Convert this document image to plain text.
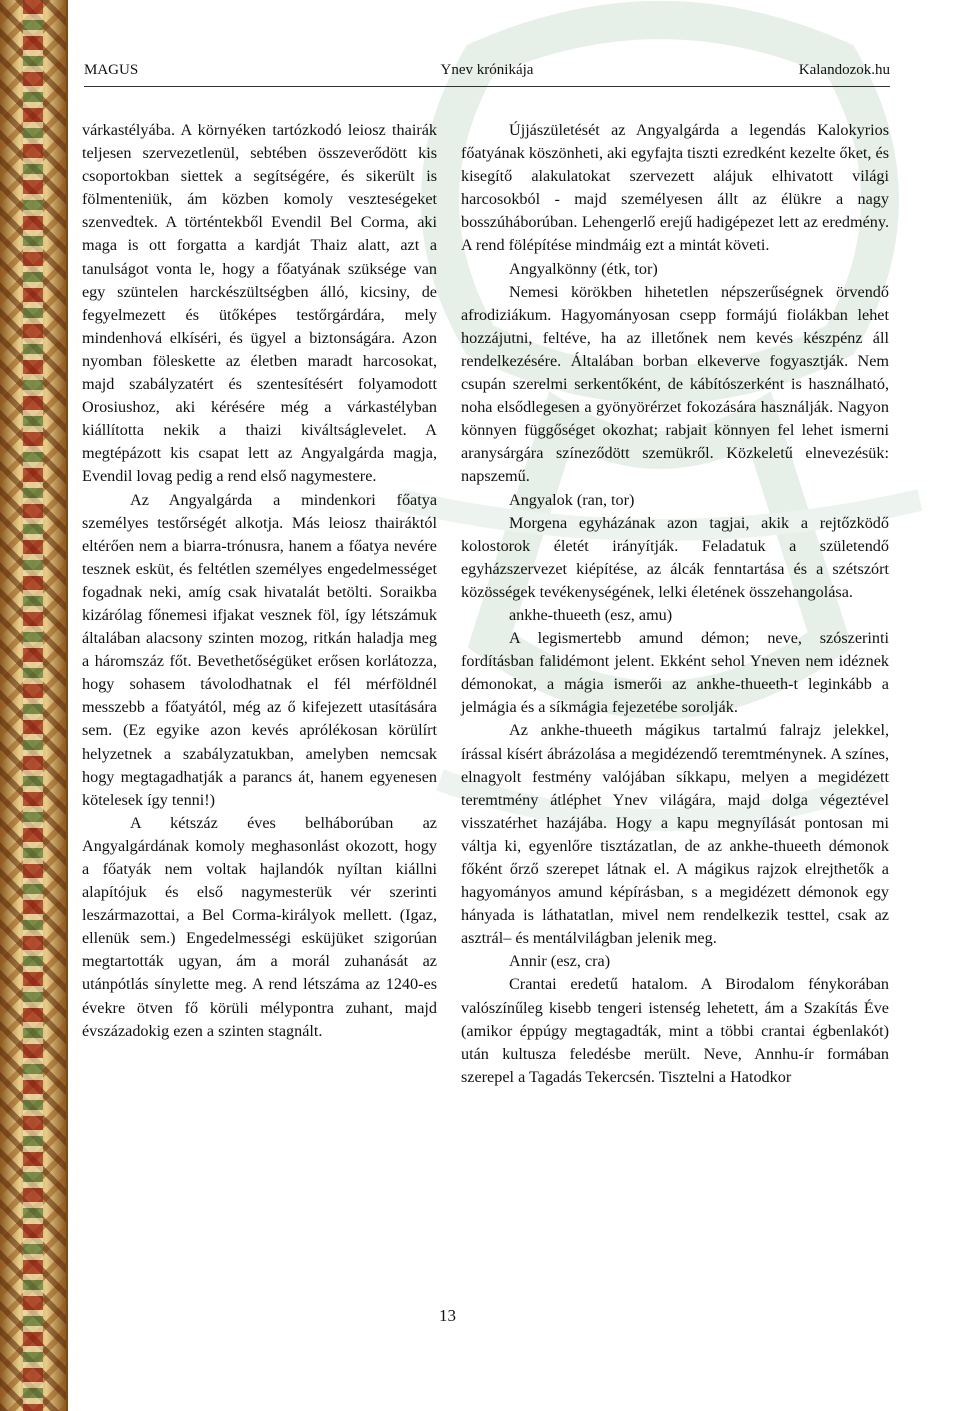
MAGUS	Ynev krónikája	Kalandozok.hu

várkastélyába. A környéken tartózkodó leiosz thairák teljesen szervezetlenül, sebtében összeverődött kis csoportokban siettek a segítségére, és sikerült is fölmenteniük, ám közben komoly veszteségeket szenvedtek. A történtekből Evendil Bel Corma, aki maga is ott forgatta a kardját Thaiz alatt, azt a tanulságot vonta le, hogy a főatyának szüksége van egy szüntelen harckészültségben álló, kicsiny, de fegyelmezett és ütőképes testőrgárdára, mely mindenhová elkíséri, és ügyel a biztonságára. Azon nyomban föleskette az életben maradt harcosokat, majd szabályzatért és szentesítésért folyamodott Orosiushoz, aki kérésére még a várkastélyban kiállította nekik a thaizi kiváltságlevelet. A megtépázott kis csapat lett az Angyalgárda magja, Evendil lovag pedig a rend első nagymestere.

Az Angyalgárda a mindenkori főatya személyes testőrségét alkotja. Más leiosz thairáktól eltérően nem a biarra-trónusra, hanem a főatya nevére tesznek esküt, és feltétlen személyes engedelmességet fogadnak neki, amíg csak hivatalát betölti. Soraikba kizárólag főnemesi ifjakat vesznek föl, így létszámuk általában alacsony szinten mozog, ritkán haladja meg a háromszáz főt. Bevethetőségüket erősen korlátozza, hogy sohasem távolodhatnak el fél mérföldnél messzebb a főatyától, még az ő kifejezett utasítására sem. (Ez egyike azon kevés aprólékosan körülírt helyzetnek a szabályzatukban, amelyben nemcsak hogy megtagadhatják a parancs át, hanem egyenesen kötelesek így tenni!)

A kétszáz éves belháborúban az Angyalgárdának komoly meghasonlást okozott, hogy a főatyák nem voltak hajlandók nyíltan kiállni alapítójuk és első nagymesterük vér szerinti leszármazottai, a Bel Corma-királyok mellett. (Igaz, ellenük sem.) Engedelmességi esküjüket szigorúan megtartották ugyan, ám a morál zuhanását az utánpótlás sínylette meg. A rend létszáma az 1240-es évekre ötven fő körüli mélypontra zuhant, majd évszázadokig ezen a szinten stagnált.

Újjászületését az Angyalgárda a legendás Kalokyrios főatyának köszönheti, aki egyfajta tiszti ezredként kezelte őket, és kisegítő alakulatokat szervezett alájuk elhivatott világi harcosokból - majd személyesen állt az élükre a nagy bosszúháborúban. Lehengerlő erejű hadigépezet lett az eredmény. A rend fölépítése mindmáig ezt a mintát követi.

Angyalkönny (étk, tor)

Nemesi körökben hihetetlen népszerűségnek örvendő afrodiziákum. Hagyományosan csepp formájú fiolákban lehet hozzájutni, feltéve, ha az illetőnek nem kevés készpénz áll rendelkezésére. Általában borban elkeverve fogyasztják. Nem csupán szerelmi serkentőként, de kábítószerként is használható, noha elsődlegesen a gyönyörérzet fokozására használják. Nagyon könnyen függőséget okozhat; rabjait könnyen fel lehet ismerni aranysárgára színeződött szemükről. Közkeletű elnevezésük: napszemű.

Angyalok (ran, tor)

Morgena egyházának azon tagjai, akik a rejtőzködő kolostorok életét irányítják. Feladatuk a születendő egyházszervezet kiépítése, az álcák fenntartása és a szétszórt közösségek tevékenységének, lelki életének összehangolása.

ankhe-thueeth (esz, amu)

A legismertebb amund démon; neve, szószerinti fordításban falidémont jelent. Ekként sehol Yneven nem idéznek démonokat, a mágia ismerői az ankhe-thueeth-t leginkább a jelmágia és a síkmágia fejezetébe sorolják.

Az ankhe-thueeth mágikus tartalmú falrajz jelekkel, írással kísért ábrázolása a megidézendő teremtménynek. A színes, elnagyolt festmény valójában síkkapu, melyen a megidézett teremtmény átléphet Ynev világára, majd dolga végeztével visszatérhet hazájába. Hogy a kapu megnyílását pontosan mi váltja ki, egyenlőre tisztázatlan, de az ankhe-thueeth démonok főként őrző szerepet látnak el. A mágikus rajzok elrejthetők a hagyományos amund képírásban, s a megidézett démonok egy hányada is láthatatlan, mivel nem rendelkezik testtel, csak az asztrál– és mentálvilágban jelenik meg.

Annir (esz, cra)

Crantai eredetű hatalom. A Birodalom fénykorában valószínűleg kisebb tengeri istenség lehetett, ám a Szakítás Éve (amikor éppúgy megtagadták, mint a többi crantai égbenlakót) után kultusza feledésbe merült. Neve, Annhu-ír formában szerepel a Tagadás Tekercsén. Tisztelni a Hatodkor

13
